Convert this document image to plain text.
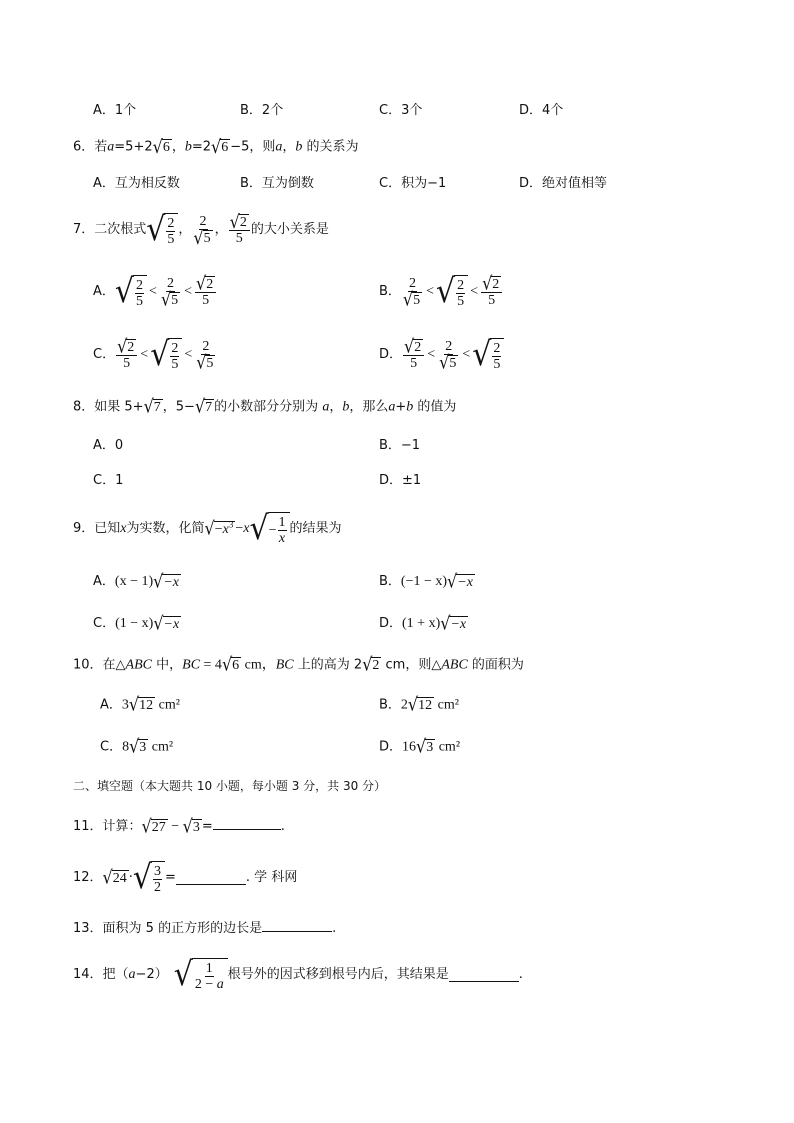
A．1个	B．2个	C．3个	D．4个
6．若a=5+2 √ 6 ，b=2 √ 6 −5，则a，b 的关系为
A．互为相反数	B．互为倒数	C．积为−1	D．绝对值相等
7．二次根式 √ $\frac{2}{5}$ ， $\frac{2}{√ 5}$ ， $\frac{√ 2}{5}$ 的大小关系是
A． √ $\frac{2}{5} < \frac{2}{√ 5} < \frac{√ 2}{5}$	B． $\frac{2}{√ 5}$ < √ $\frac{2}{5} < \frac{√ 2}{5}$
C． $\frac{√ 2}{5}$ < √ $\frac{2}{5} < \frac{2}{√ 5}$	D． $\frac{√ 2}{5} < \frac{2}{√ 5}$ < √ $\frac{2}{5}$
8．如果 5+ √ 7 ，5− √ 7 的小数部分分别为 a，b，那么a+b 的值为
A．0	B．−1
C．1	D．±1
9．已知 x 为实数，化简 √ $-x^3 - x$ √ − $\frac{1}{x}$ 的结果为
A．(x − 1) √ −x	B．(−1 − x) √ −x
C．(1 − x) √ −x	D．(1 + x) √ −x
10．在△ABC 中，BC = 4 √ 6 cm，BC 上的高为 2 √ 2 cm，则△ABC 的面积为
A．3 √ 12 cm²	B．2 √ 12 cm²
C．8 √ 3 cm²	D．16 √ 3 cm²
二、填空题（本大题共 10 小题，每小题 3 分，共 30 分）
11．计算： √ 27 − √ 3 =	.
12． √ 24 · √ $\frac{3}{2}$ =	. 学 科网
13．面积为 5 的正方形的边长是	.
14．把（ a −2） √ $\frac{1}{2 - a}$ 根号外的因式移到根号内后，其结果是	.
